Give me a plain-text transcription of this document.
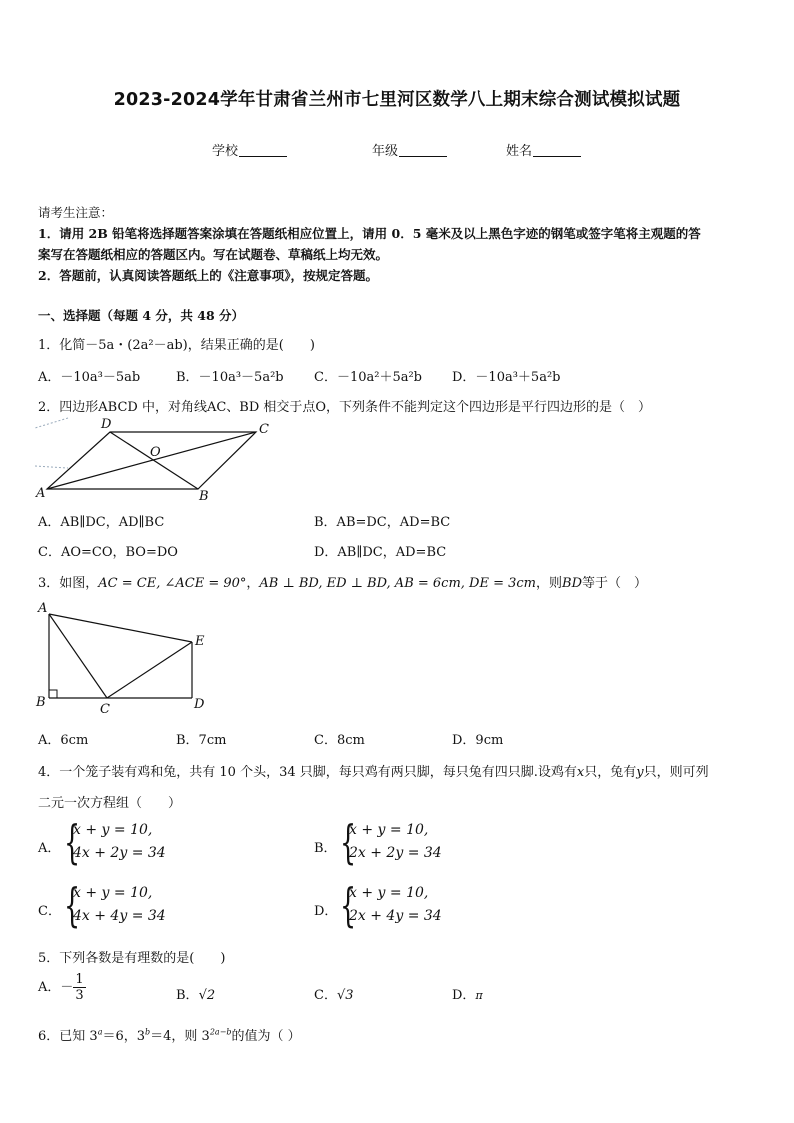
2023-2024学年甘肃省兰州市七里河区数学八上期末综合测试模拟试题
学校	年级	姓名
请考生注意：
1．请用 2B 铅笔将选择题答案涂填在答题纸相应位置上，请用 0．5 毫米及以上黑色字迹的钢笔或签字笔将主观题的答
案写在答题纸相应的答题区内。写在试题卷、草稿纸上均无效。
2．答题前，认真阅读答题纸上的《注意事项》，按规定答题。
一、选择题（每题 4 分，共 48 分）
1．化简－5a・(2a²－ab)，结果正确的是(　　)
A．－10a³－5ab	B．－10a³－5a²b C．－10a²＋5a²b D．－10a³＋5a²b
2．四边形ABCD 中，对角线AC、BD 相交于点O，下列条件不能判定这个四边形是平行四边形的是（　）
D	C
O
A	B
A．AB∥DC，AD∥BC	B．AB=DC，AD=BC
C．AO=CO，BO=DO	D．AB∥DC，AD=BC
3．如图，AC = CE, ∠ACE = 90°，AB ⊥ BD, ED ⊥ BD, AB = 6cm, DE = 3cm，则BD等于（　）
A
E
B	C	D
A．6cm	B．7cm	C．8cm	D．9cm
4．一个笼子装有鸡和兔，共有 10 个头，34 只脚，每只鸡有两只脚，每只兔有四只脚.设鸡有x只，兔有y只，则可列
二元一次方程组（　　）
A． {
x + y = 10,
4x + 2y = 34	B． {
x + y = 10,
2x + 2y = 34
C． {
x + y = 10,
4x + 4y = 34	D． {
x + y = 10,
2x + 4y = 34
5．下列各数是有理数的是(　　)
A．－ $\frac{1}{3}$	B．√2	C．√3	D．π
6．已知 $3^a=6$，$3^b=4$，则 $3^{2a-b}$的值为（ ）
